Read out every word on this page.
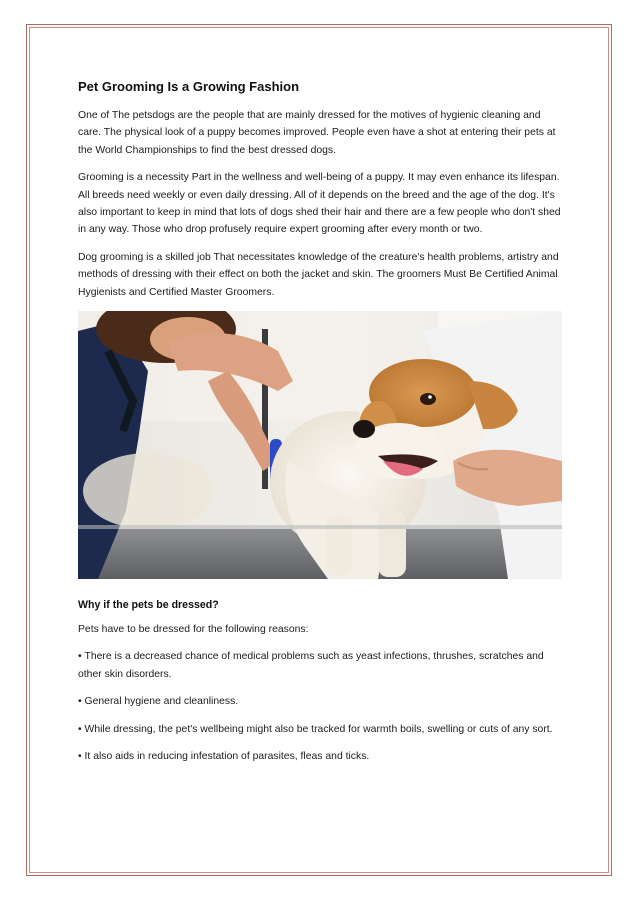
Pet Grooming Is a Growing Fashion

One of The petsdogs are the people that are mainly dressed for the motives of hygienic cleaning and care. The physical look of a puppy becomes improved. People even have a shot at entering their pets at the World Championships to find the best dressed dogs.

Grooming is a necessity Part in the wellness and well-being of a puppy. It may even enhance its lifespan. All breeds need weekly or even daily dressing. All of it depends on the breed and the age of the dog. It's also important to keep in mind that lots of dogs shed their hair and there are a few people who don't shed in any way. Those who drop profusely require expert grooming after every month or two.

Dog grooming is a skilled job That necessitates knowledge of the creature's health problems, artistry and methods of dressing with their effect on both the jacket and skin. The groomers Must Be Certified Animal Hygienists and Certified Master Groomers.

Why if the pets be dressed?

Pets have to be dressed for the following reasons:

• There is a decreased chance of medical problems such as yeast infections, thrushes, scratches and other skin disorders.

• General hygiene and cleanliness.

• While dressing, the pet's wellbeing might also be tracked for warmth boils, swelling or cuts of any sort.

• It also aids in reducing infestation of parasites, fleas and ticks.
